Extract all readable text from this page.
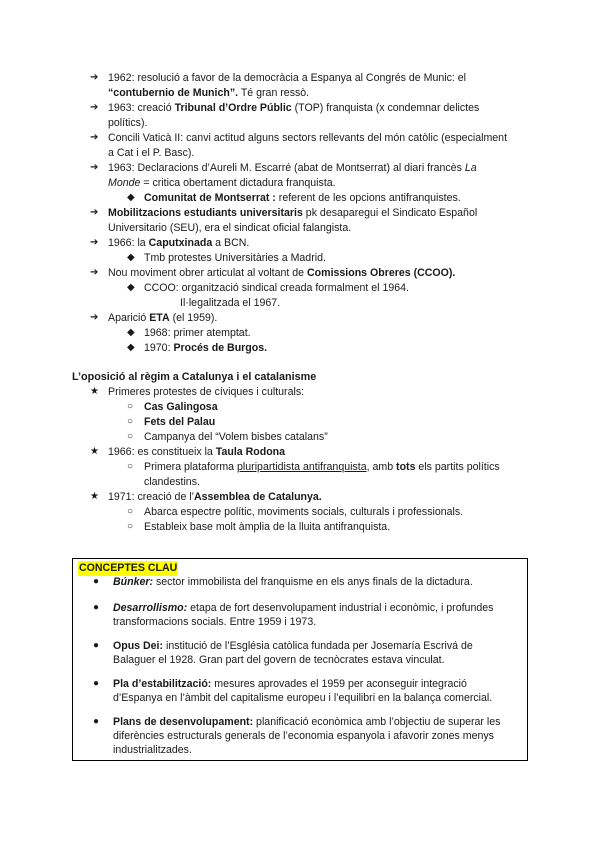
➔ 1962: resolució a favor de la democràcia a Espanya al Congrés de Munic: el
“contubernio de Munich”. Té gran ressò.
➔ 1963: creació Tribunal d’Ordre Públic (TOP) franquista (x condemnar delictes
polítics).
➔ Concili Vaticà II: canvi actitud alguns sectors rellevants del món catòlic (especialment
a Cat i el P. Basc).
➔ 1963: Declaracions d’Aureli M. Escarré (abat de Montserrat) al diari francès La
Monde = critica obertament dictadura franquista.
◆ Comunitat de Montserrat : referent de les opcions antifranquistes.
➔ Mobilitzacions estudiants universitaris pk desaparegui el Sindicato Español
Universitario (SEU), era el sindicat oficial falangista.
➔ 1966: la Caputxinada a BCN.
◆ Tmb protestes Universitàries a Madrid.
➔ Nou moviment obrer articulat al voltant de Comissions Obreres (CCOO).
◆ CCOO: organització sindical creada formalment el 1964.
Il·legalitzada el 1967.
➔ Aparició ETA (el 1959).
◆ 1968: primer atemptat.
◆ 1970: Procés de Burgos.
L’oposició al règim a Catalunya i el catalanisme
★ Primeres protestes de cíviques i culturals:
○ Cas Galingosa
○ Fets del Palau
○ Campanya del “Volem bisbes catalans”
★ 1966: es constitueix la Taula Rodona
○ Primera plataforma pluripartidista antifranquista, amb tots els partits polítics
clandestins.
★ 1971: creació de l’Assemblea de Catalunya.
○ Abarca espectre polític, moviments socials, culturals i professionals.
○ Estableix base molt àmplia de la lluita antifranquista.
CONCEPTES CLAU
● Búnker: sector immobilista del franquisme en els anys finals de la dictadura.
● Desarrollismo: etapa de fort desenvolupament industrial i econòmic, i profundes
transformacions socials. Entre 1959 i 1973.
● Opus Dei: institució de l’Església catòlica fundada per Josemaría Escrivá de
Balaguer el 1928. Gran part del govern de tecnòcrates estava vinculat.
● Pla d’estabilització: mesures aprovades el 1959 per aconseguir integració
d’Espanya en l’àmbit del capitalisme europeu i l’equilibri en la balança comercial.
● Plans de desenvolupament: planificació econòmica amb l’objectiu de superar les
diferències estructurals generals de l’economia espanyola i afavorir zones menys
industrialitzades.
